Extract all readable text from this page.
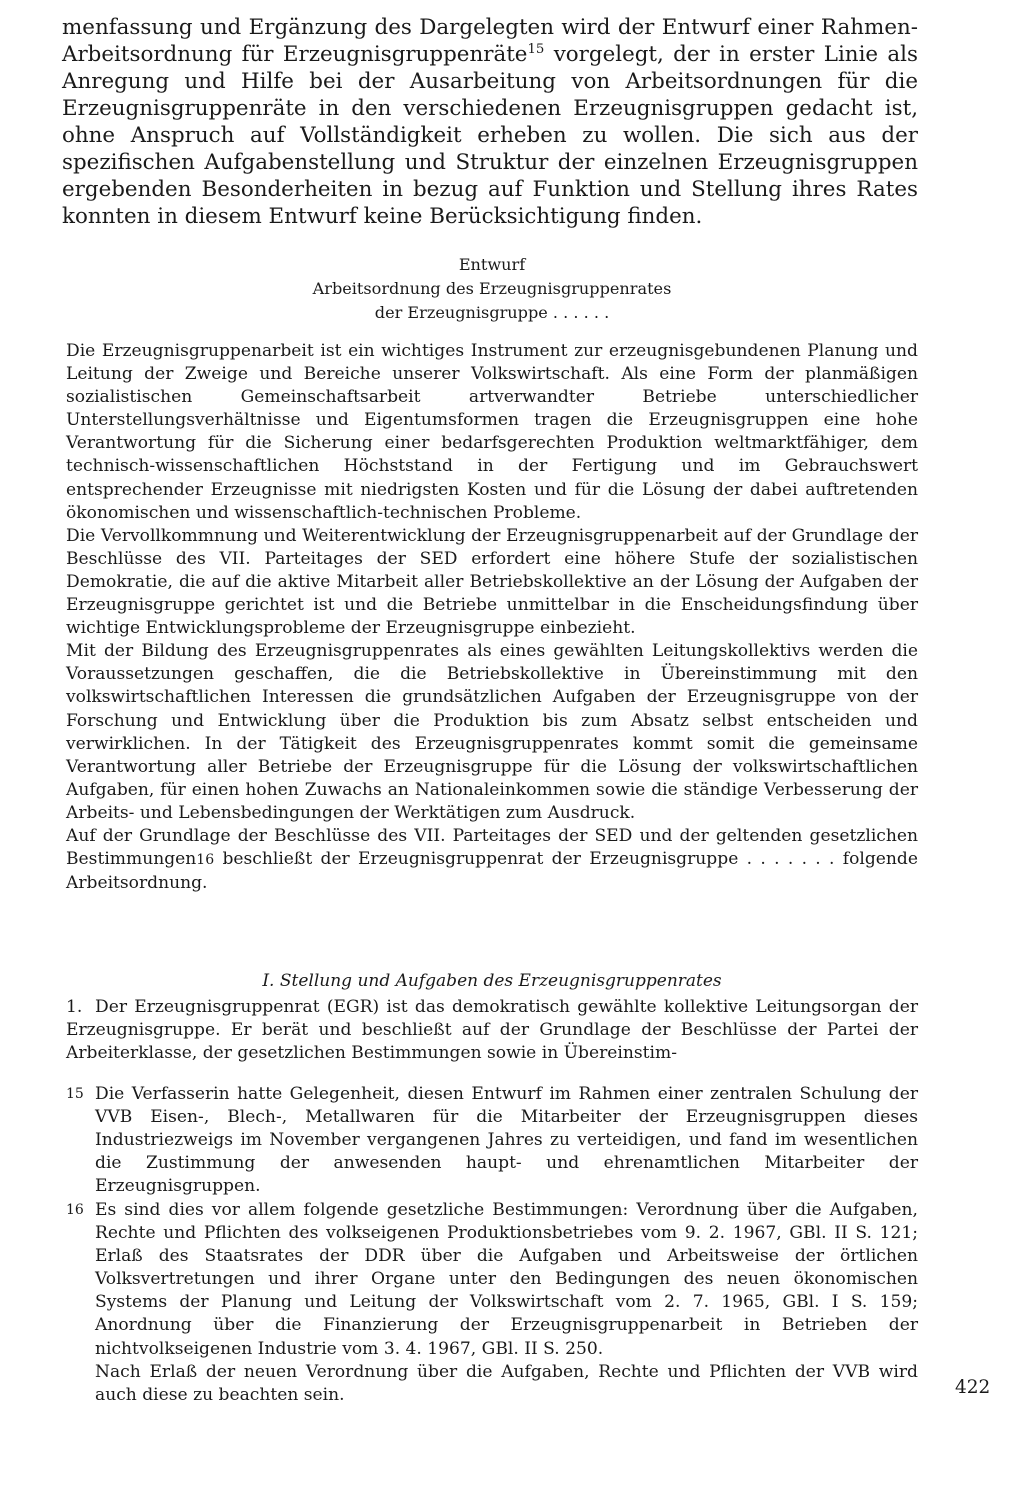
menfassung und Ergänzung des Dargelegten wird der Entwurf einer Rahmen-Arbeitsordnung für Erzeugnisgruppenräte$^{15}$ vorgelegt, der in erster Linie als Anregung und Hilfe bei der Ausarbeitung von Arbeitsordnungen für die Erzeugnisgruppenräte in den verschiedenen Erzeugnisgruppen gedacht ist, ohne Anspruch auf Vollständigkeit erheben zu wollen. Die sich aus der spezifischen Aufgabenstellung und Struktur der einzelnen Erzeugnisgruppen ergebenden Besonderheiten in bezug auf Funktion und Stellung ihres Rates konnten in diesem Entwurf keine Berücksichtigung finden.
Entwurf
Arbeitsordnung des Erzeugnisgruppenrates
der Erzeugnisgruppe . . . . . .

Die Erzeugnisgruppenarbeit ist ein wichtiges Instrument zur erzeugnisgebundenen Planung und Leitung der Zweige und Bereiche unserer Volkswirtschaft. Als eine Form der planmäßigen sozialistischen Gemeinschaftsarbeit artverwandter Betriebe unterschiedlicher Unterstellungsverhältnisse und Eigentumsformen tragen die Erzeugnisgruppen eine hohe Verantwortung für die Sicherung einer bedarfsgerechten Produktion weltmarktfähiger, dem technisch-wissenschaftlichen Höchststand in der Fertigung und im Gebrauchswert entsprechender Erzeugnisse mit niedrigsten Kosten und für die Lösung der dabei auftretenden ökonomischen und wissenschaftlich-technischen Probleme.

Die Vervollkommnung und Weiterentwicklung der Erzeugnisgruppenarbeit auf der Grundlage der Beschlüsse des VII. Parteitages der SED erfordert eine höhere Stufe der sozialistischen Demokratie, die auf die aktive Mitarbeit aller Betriebskollektive an der Lösung der Aufgaben der Erzeugnisgruppe gerichtet ist und die Betriebe unmittelbar in die Enscheidungsfindung über wichtige Entwicklungsprobleme der Erzeugnisgruppe einbezieht.

Mit der Bildung des Erzeugnisgruppenrates als eines gewählten Leitungskollektivs werden die Voraussetzungen geschaffen, die die Betriebskollektive in Übereinstimmung mit den volkswirtschaftlichen Interessen die grundsätzlichen Aufgaben der Erzeugnisgruppe von der Forschung und Entwicklung über die Produktion bis zum Absatz selbst entscheiden und verwirklichen. In der Tätigkeit des Erzeugnisgruppenrates kommt somit die gemeinsame Verantwortung aller Betriebe der Erzeugnisgruppe für die Lösung der volkswirtschaftlichen Aufgaben, für einen hohen Zuwachs an Nationaleinkommen sowie die ständige Verbesserung der Arbeits- und Lebensbedingungen der Werktätigen zum Ausdruck.

Auf der Grundlage der Beschlüsse des VII. Parteitages der SED und der geltenden gesetzlichen Bestimmungen16 beschließt der Erzeugnisgruppenrat der Erzeugnisgruppe . . . . . . . folgende Arbeitsordnung.

I. Stellung und Aufgaben des Erzeugnisgruppenrates
1. Der Erzeugnisgruppenrat (EGR) ist das demokratisch gewählte kollektive Leitungsorgan der Erzeugnisgruppe. Er berät und beschließt auf der Grundlage der Beschlüsse der Partei der Arbeiterklasse, der gesetzlichen Bestimmungen sowie in Übereinstim-
15 Die Verfasserin hatte Gelegenheit, diesen Entwurf im Rahmen einer zentralen Schulung der VVB Eisen-, Blech-, Metallwaren für die Mitarbeiter der Erzeugnisgruppen dieses Industriezweigs im November vergangenen Jahres zu verteidigen, und fand im wesentlichen die Zustimmung der anwesenden haupt- und ehrenamtlichen Mitarbeiter der Erzeugnisgruppen.
16 Es sind dies vor allem folgende gesetzliche Bestimmungen: Verordnung über die Aufgaben, Rechte und Pflichten des volkseigenen Produktionsbetriebes vom 9. 2. 1967, GBl. II S. 121; Erlaß des Staatsrates der DDR über die Aufgaben und Arbeitsweise der örtlichen Volksvertretungen und ihrer Organe unter den Bedingungen des neuen ökonomischen Systems der Planung und Leitung der Volkswirtschaft vom 2. 7. 1965, GBl. I S. 159; Anordnung über die Finanzierung der Erzeugnisgruppenarbeit in Betrieben der nichtvolkseigenen Industrie vom 3. 4. 1967, GBl. II S. 250.

Nach Erlaß der neuen Verordnung über die Aufgaben, Rechte und Pflichten der VVB wird auch diese zu beachten sein.	422
